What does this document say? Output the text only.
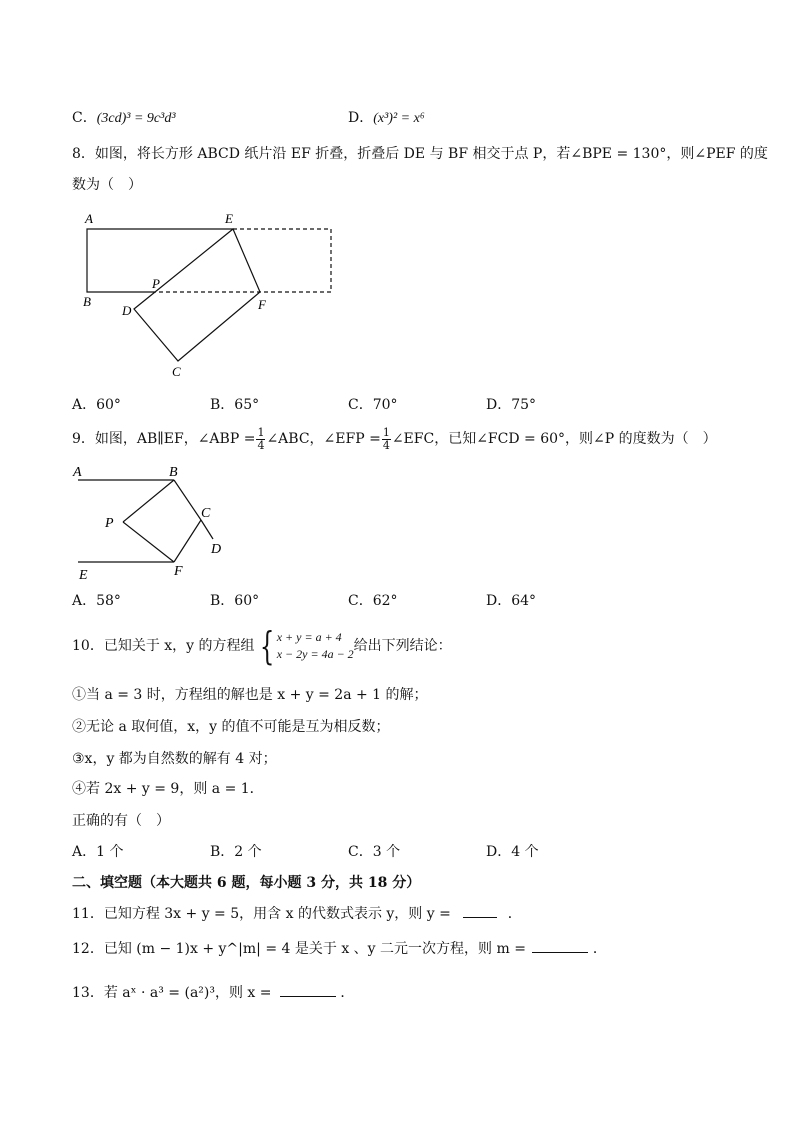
C．(3cd)³ = 9c³d³	D．(x³)² = x⁶
8．如图，将长方形 ABCD 纸片沿 EF 折叠，折叠后 DE 与 BF 相交于点 P，若∠BPE = 130°，则∠PEF 的度
数为（　）
A	E
B
P
F
D
C
A．60°	B．65°	C．70°	D．75°
9．如图，AB∥EF，∠ABP = $\frac{1}{4}$ ∠ABC，∠EFP = $\frac{1}{4}$ ∠EFC，已知∠FCD = 60°，则∠P 的度数为（　）
A	B
P
C
D
E	F
A．58°	B．60°	C．62°	D．64°
10．已知关于 x，y 的方程组 { x + y = a + 4
x − 2y = 4a − 2 给出下列结论：
①当 a = 3 时，方程组的解也是 x + y = 2a + 1 的解；
②无论 a 取何值，x，y 的值不可能是互为相反数；
③x，y 都为自然数的解有 4 对；
④若 2x + y = 9，则 a = 1．
正确的有（　）
A．1 个	B．2 个	C．3 个	D．4 个
二、填空题（本大题共 6 题，每小题 3 分，共 18 分）
11．已知方程 3x + y = 5，用含 x 的代数式表示 y，则 y =	．
12．已知 (m − 1)x + y^|m| = 4 是关于 x 、y 二元一次方程，则 m =	．
13．若 aˣ · a³ = (a²)³，则 x =	．
